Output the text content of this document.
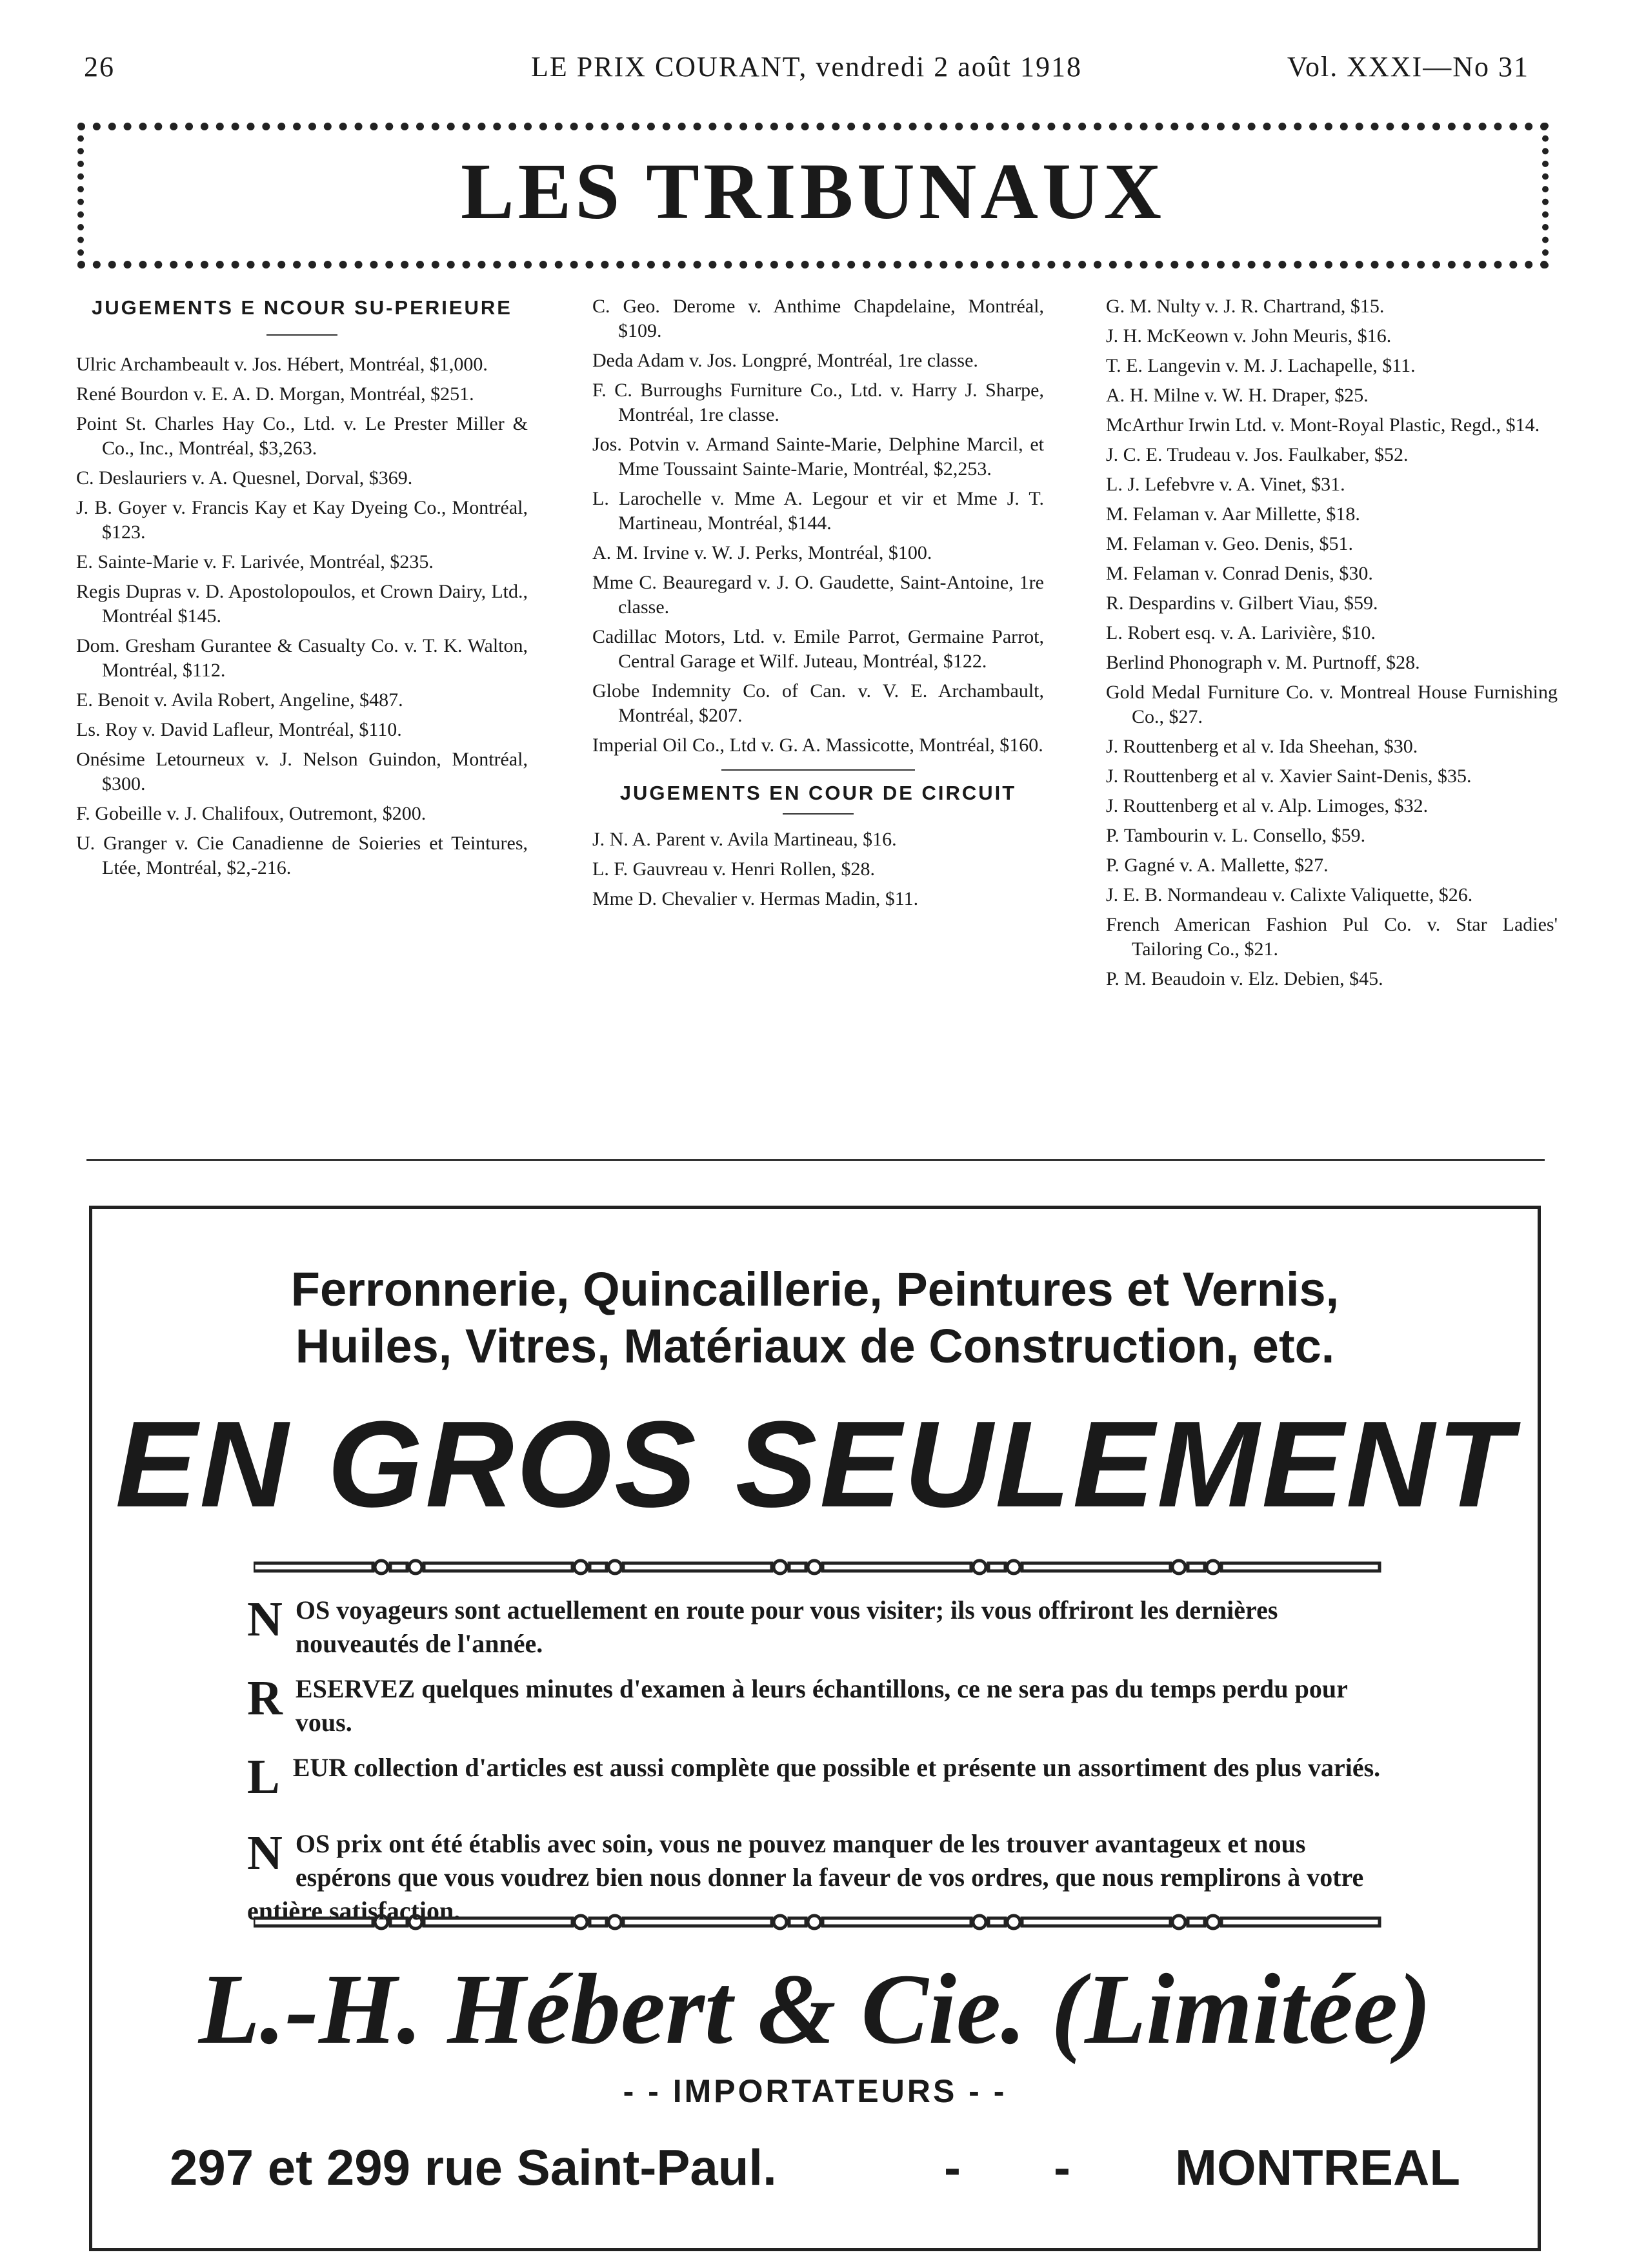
26	LE PRIX COURANT, vendredi 2 août 1918	Vol. XXXI—No 31
LES TRIBUNAUX
JUGEMENTS E NCOUR SU-PERIEURE

Ulric Archambeault v. Jos. Hébert, Montréal, $1,000.

René Bourdon v. E. A. D. Morgan, Montréal, $251.

Point St. Charles Hay Co., Ltd. v. Le Prester Miller & Co., Inc., Montréal, $3,263.

C. Deslauriers v. A. Quesnel, Dorval, $369.

J. B. Goyer v. Francis Kay et Kay Dyeing Co., Montréal, $123.

E. Sainte-Marie v. F. Larivée, Montréal, $235.

Regis Dupras v. D. Apostolopoulos, et Crown Dairy, Ltd., Montréal $145.

Dom. Gresham Gurantee & Casualty Co. v. T. K. Walton, Montréal, $112.

E. Benoit v. Avila Robert, Angeline, $487.

Ls. Roy v. David Lafleur, Montréal, $110.

Onésime Letourneux v. J. Nelson Guindon, Montréal, $300.

F. Gobeille v. J. Chalifoux, Outremont, $200.

U. Granger v. Cie Canadienne de Soieries et Teintures, Ltée, Montréal, $2,-216.

C. Geo. Derome v. Anthime Chapdelaine, Montréal, $109.

Deda Adam v. Jos. Longpré, Montréal, 1re classe.

F. C. Burroughs Furniture Co., Ltd. v. Harry J. Sharpe, Montréal, 1re classe.

Jos. Potvin v. Armand Sainte-Marie, Delphine Marcil, et Mme Toussaint Sainte-Marie, Montréal, $2,253.

L. Larochelle v. Mme A. Legour et vir et Mme J. T. Martineau, Montréal, $144.

A. M. Irvine v. W. J. Perks, Montréal, $100.

Mme C. Beauregard v. J. O. Gaudette, Saint-Antoine, 1re classe.

Cadillac Motors, Ltd. v. Emile Parrot, Germaine Parrot, Central Garage et Wilf. Juteau, Montréal, $122.

Globe Indemnity Co. of Can. v. V. E. Archambault, Montréal, $207.

Imperial Oil Co., Ltd v. G. A. Massicotte, Montréal, $160.

JUGEMENTS EN COUR DE CIRCUIT

J. N. A. Parent v. Avila Martineau, $16.

L. F. Gauvreau v. Henri Rollen, $28.

Mme D. Chevalier v. Hermas Madin, $11.

G. M. Nulty v. J. R. Chartrand, $15.

J. H. McKeown v. John Meuris, $16.

T. E. Langevin v. M. J. Lachapelle, $11.

A. H. Milne v. W. H. Draper, $25.

McArthur Irwin Ltd. v. Mont-Royal Plastic, Regd., $14.

J. C. E. Trudeau v. Jos. Faulkaber, $52.

L. J. Lefebvre v. A. Vinet, $31.

M. Felaman v. Aar Millette, $18.

M. Felaman v. Geo. Denis, $51.

M. Felaman v. Conrad Denis, $30.

R. Despardins v. Gilbert Viau, $59.

L. Robert esq. v. A. Larivière, $10.

Berlind Phonograph v. M. Purtnoff, $28.

Gold Medal Furniture Co. v. Montreal House Furnishing Co., $27.

J. Routtenberg et al v. Ida Sheehan, $30.

J. Routtenberg et al v. Xavier Saint-Denis, $35.

J. Routtenberg et al v. Alp. Limoges, $32.

P. Tambourin v. L. Consello, $59.

P. Gagné v. A. Mallette, $27.

J. E. B. Normandeau v. Calixte Valiquette, $26.

French American Fashion Pul Co. v. Star Ladies' Tailoring Co., $21.

P. M. Beaudoin v. Elz. Debien, $45.

Ferronnerie, Quincaillerie, Peintures et Vernis,
Huiles, Vitres, Matériaux de Construction, etc.
EN GROS SEULEMENT
N OS voyageurs sont actuellement en route pour vous visiter; ils vous offriront les dernières nouveautés de l'année.
R ESERVEZ quelques minutes d'examen à leurs échantillons, ce ne sera pas du temps perdu pour vous.
L EUR collection d'articles est aussi complète que possible et présente un assortiment des plus variés.
N OS prix ont été établis avec soin, vous ne pouvez manquer de les trouver avantageux et nous espérons que vous voudrez bien nous donner la faveur de vos ordres, que nous remplirons à votre entière satisfaction.
L.-H. Hébert & Cie. (Limitée)
- - IMPORTATEURS - -
297 et 299 rue Saint-Paul.	- - MONTREAL
